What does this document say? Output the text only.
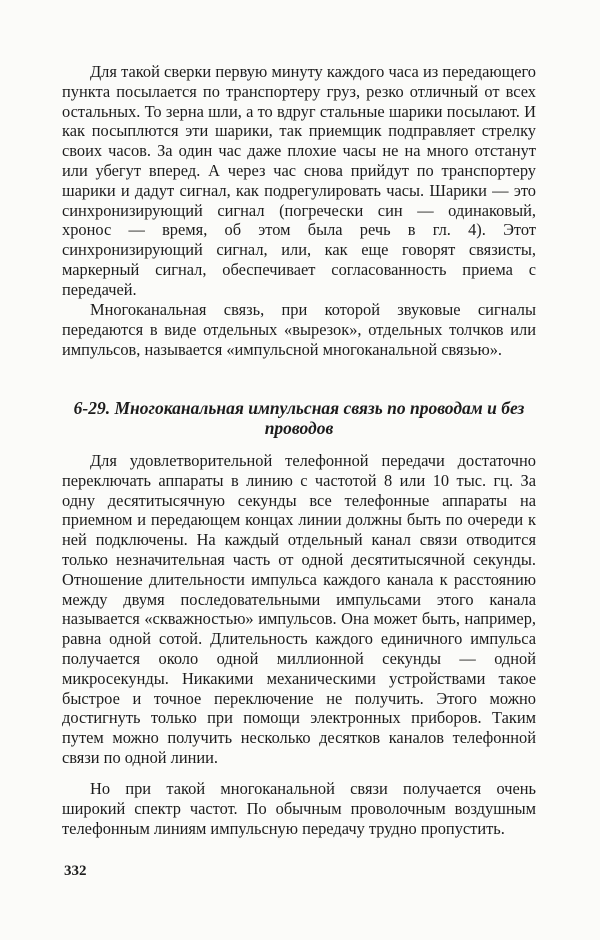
Для такой сверки первую минуту каждого часа из передающего пункта посылается по транспортеру груз, резко отличный от всех остальных. То зерна шли, а то вдруг стальные шарики посылают. И как посыплются эти шарики, так приемщик подправляет стрелку своих часов. За один час даже плохие часы не на много отстанут или убегут вперед. А через час снова прийдут по транспортеру шарики и дадут сигнал, как подрегулировать часы. Шарики — это синхронизирующий сигнал (погречески син — одинаковый, хронос — время, об этом была речь в гл. 4). Этот синхронизирующий сигнал, или, как еще говорят связисты, маркерный сигнал, обеспечивает согласованность приема с передачей.

Многоканальная связь, при которой звуковые сигналы передаются в виде отдельных «вырезок», отдельных толчков или импульсов, называется «импульсной многоканальной связью».

6-29. Многоканальная импульсная связь по проводам и без проводов

Для удовлетворительной телефонной передачи достаточно переключать аппараты в линию с частотой 8 или 10 тыс. гц. За одну десятитысячную секунды все телефонные аппараты на приемном и передающем концах линии должны быть по очереди к ней подключены. На каждый отдельный канал связи отводится только незначительная часть от одной десятитысячной секунды. Отношение длительности импульса каждого канала к расстоянию между двумя последовательными импульсами этого канала называется «скважностью» импульсов. Она может быть, например, равна одной сотой. Длительность каждого единичного импульса получается около одной миллионной секунды — одной микросекунды. Никакими механическими устройствами такое быстрое и точное переключение не получить. Этого можно достигнуть только при помощи электронных приборов. Таким путем можно получить несколько десятков каналов телефонной связи по одной линии.

Но при такой многоканальной связи получается очень широкий спектр частот. По обычным проволочным воздушным телефонным линиям импульсную передачу трудно пропустить.

332
